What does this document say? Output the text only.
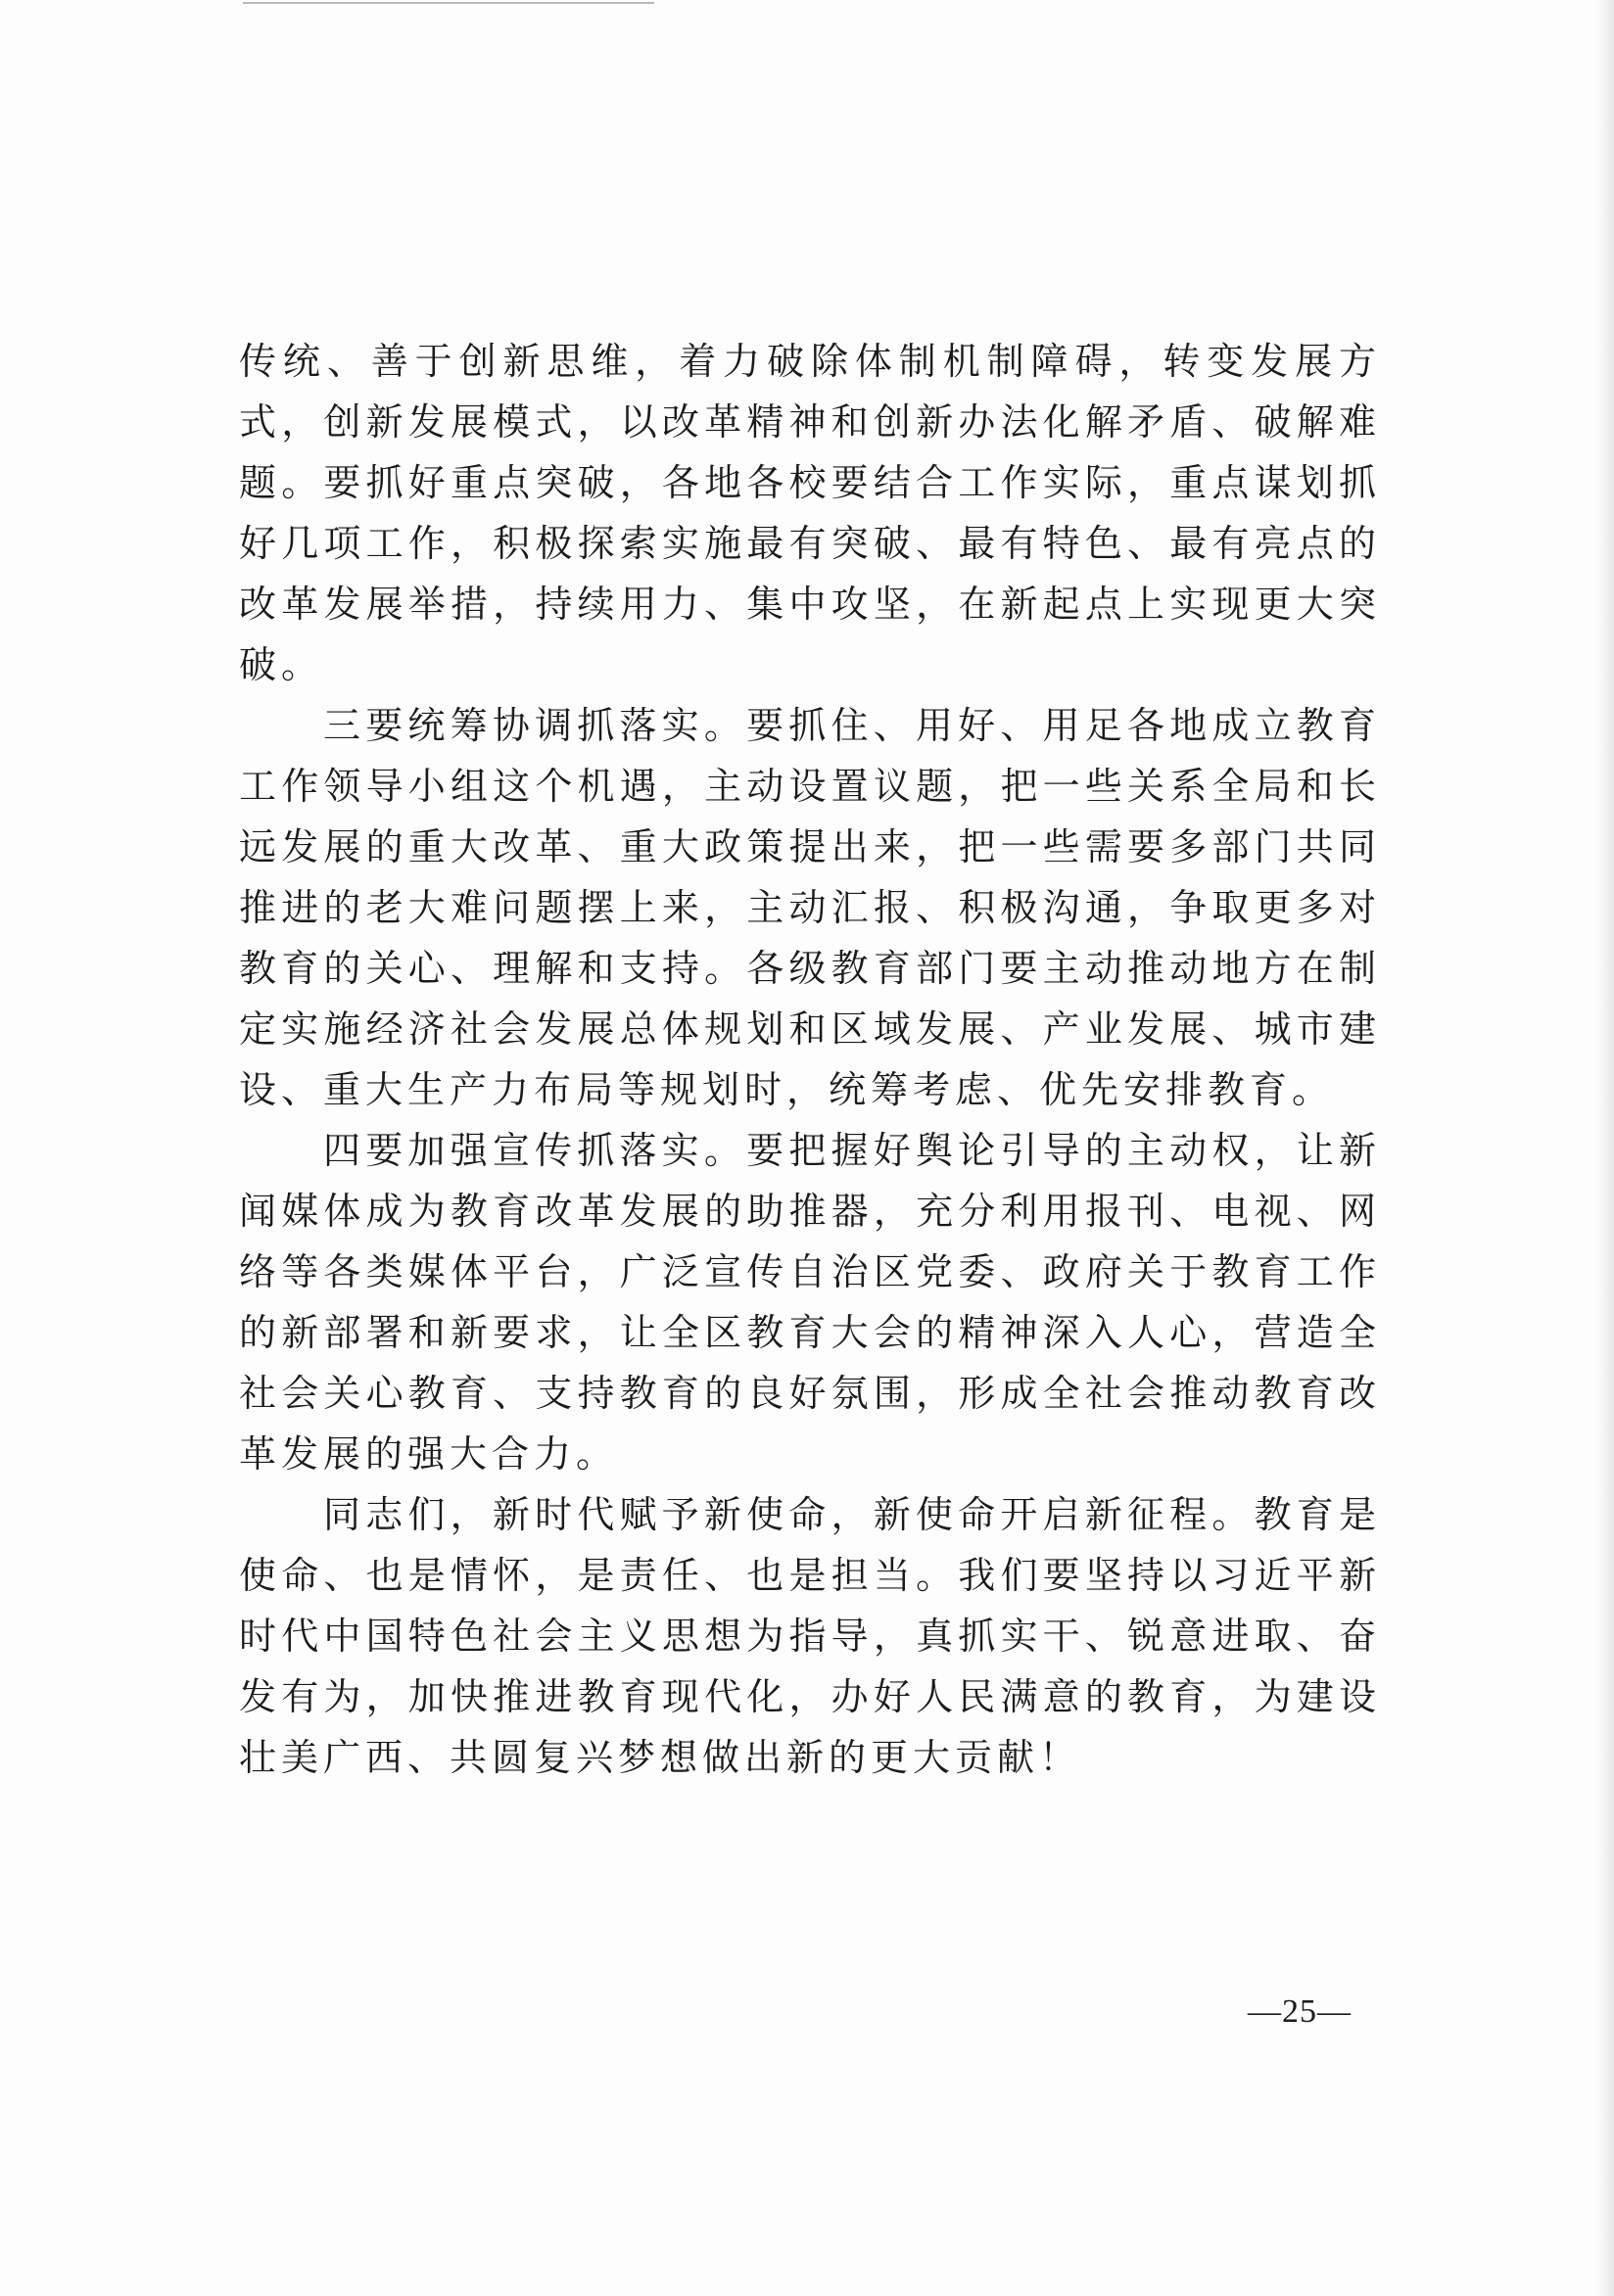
传统、善于创新思维，着力破除体制机制障碍，转变发展方式，创新发展模式，以改革精神和创新办法化解矛盾、破解难题。要抓好重点突破，各地各校要结合工作实际，重点谋划抓好几项工作，积极探索实施最有突破、最有特色、最有亮点的改革发展举措，持续用力、集中攻坚，在新起点上实现更大突破。

三要统筹协调抓落实。要抓住、用好、用足各地成立教育工作领导小组这个机遇，主动设置议题，把一些关系全局和长远发展的重大改革、重大政策提出来，把一些需要多部门共同推进的老大难问题摆上来，主动汇报、积极沟通，争取更多对教育的关心、理解和支持。各级教育部门要主动推动地方在制定实施经济社会发展总体规划和区域发展、产业发展、城市建设、重大生产力布局等规划时，统筹考虑、优先安排教育。

四要加强宣传抓落实。要把握好舆论引导的主动权，让新闻媒体成为教育改革发展的助推器，充分利用报刊、电视、网络等各类媒体平台，广泛宣传自治区党委、政府关于教育工作的新部署和新要求，让全区教育大会的精神深入人心，营造全社会关心教育、支持教育的良好氛围，形成全社会推动教育改革发展的强大合力。

同志们，新时代赋予新使命，新使命开启新征程。教育是使命、也是情怀，是责任、也是担当。我们要坚持以习近平新时代中国特色社会主义思想为指导，真抓实干、锐意进取、奋发有为，加快推进教育现代化，办好人民满意的教育，为建设壮美广西、共圆复兴梦想做出新的更大贡献！

—25—
